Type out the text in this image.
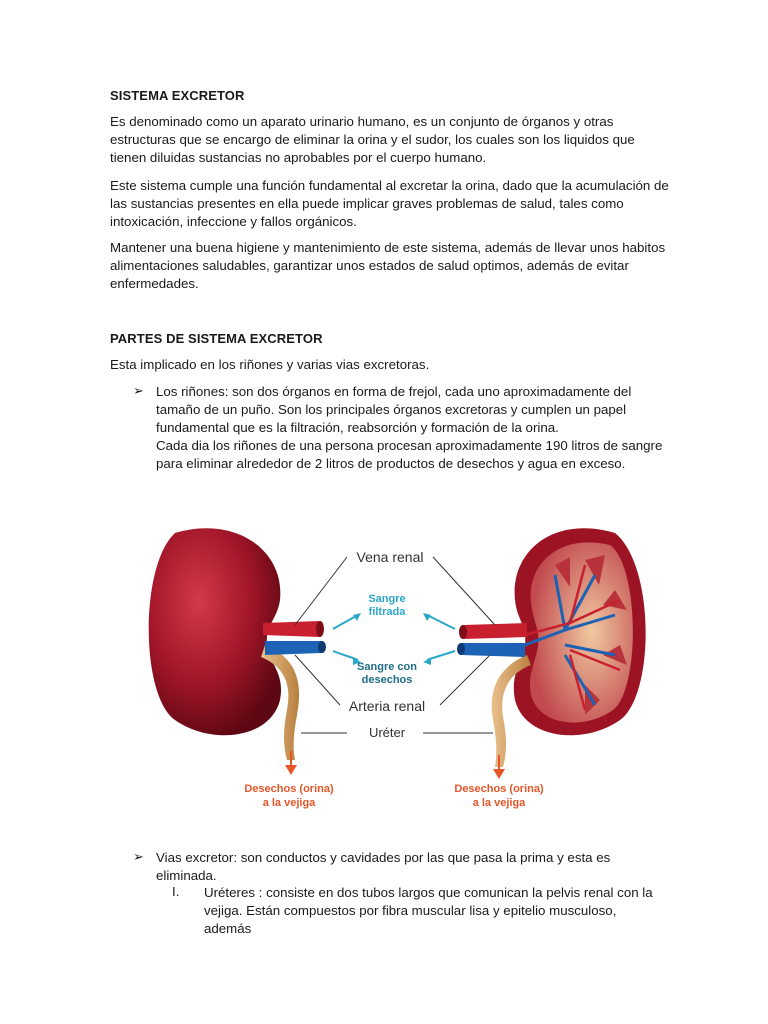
SISTEMA EXCRETOR

Es denominado como un aparato urinario humano, es un conjunto de órganos y otras estructuras que se encargo de eliminar la orina y el sudor, los cuales son los liquidos que tienen diluidas sustancias no aprobables por el cuerpo humano.

Este sistema cumple una función fundamental al excretar la orina, dado que la acumulación de las sustancias presentes en ella puede implicar graves problemas de salud, tales como intoxicación, infeccione y fallos orgánicos.

Mantener una buena higiene y mantenimiento de este sistema, además de llevar unos habitos alimentaciones saludables, garantizar unos estados de salud optimos, además de evitar enfermedades.

PARTES DE SISTEMA EXCRETOR

Esta implicado en los riñones y varias vias excretoras.

➢ Los riñones: son dos órganos en forma de frejol, cada uno aproximadamente del tamaño de un puño. Son los principales órganos excretoras y cumplen un papel fundamental que es la filtración, reabsorción y formación de la orina.

Cada dia los riñones de una persona procesan aproximadamente 190 litros de sangre para eliminar alrededor de 2 litros de productos de desechos y agua en exceso.

Vena renal
Sangre
filtrada
Sangre con
desechos
Arteria renal
Uréter
Desechos (orina)
a la vejiga
Desechos (orina)
a la vejiga
➢ Vias excretor: son conductos y cavidades por las que pasa la prima y esta es eliminada.

I. Uréteres : consiste en dos tubos largos que comunican la pelvis renal con la vejiga. Están compuestos por fibra muscular lisa y epitelio musculoso, además
